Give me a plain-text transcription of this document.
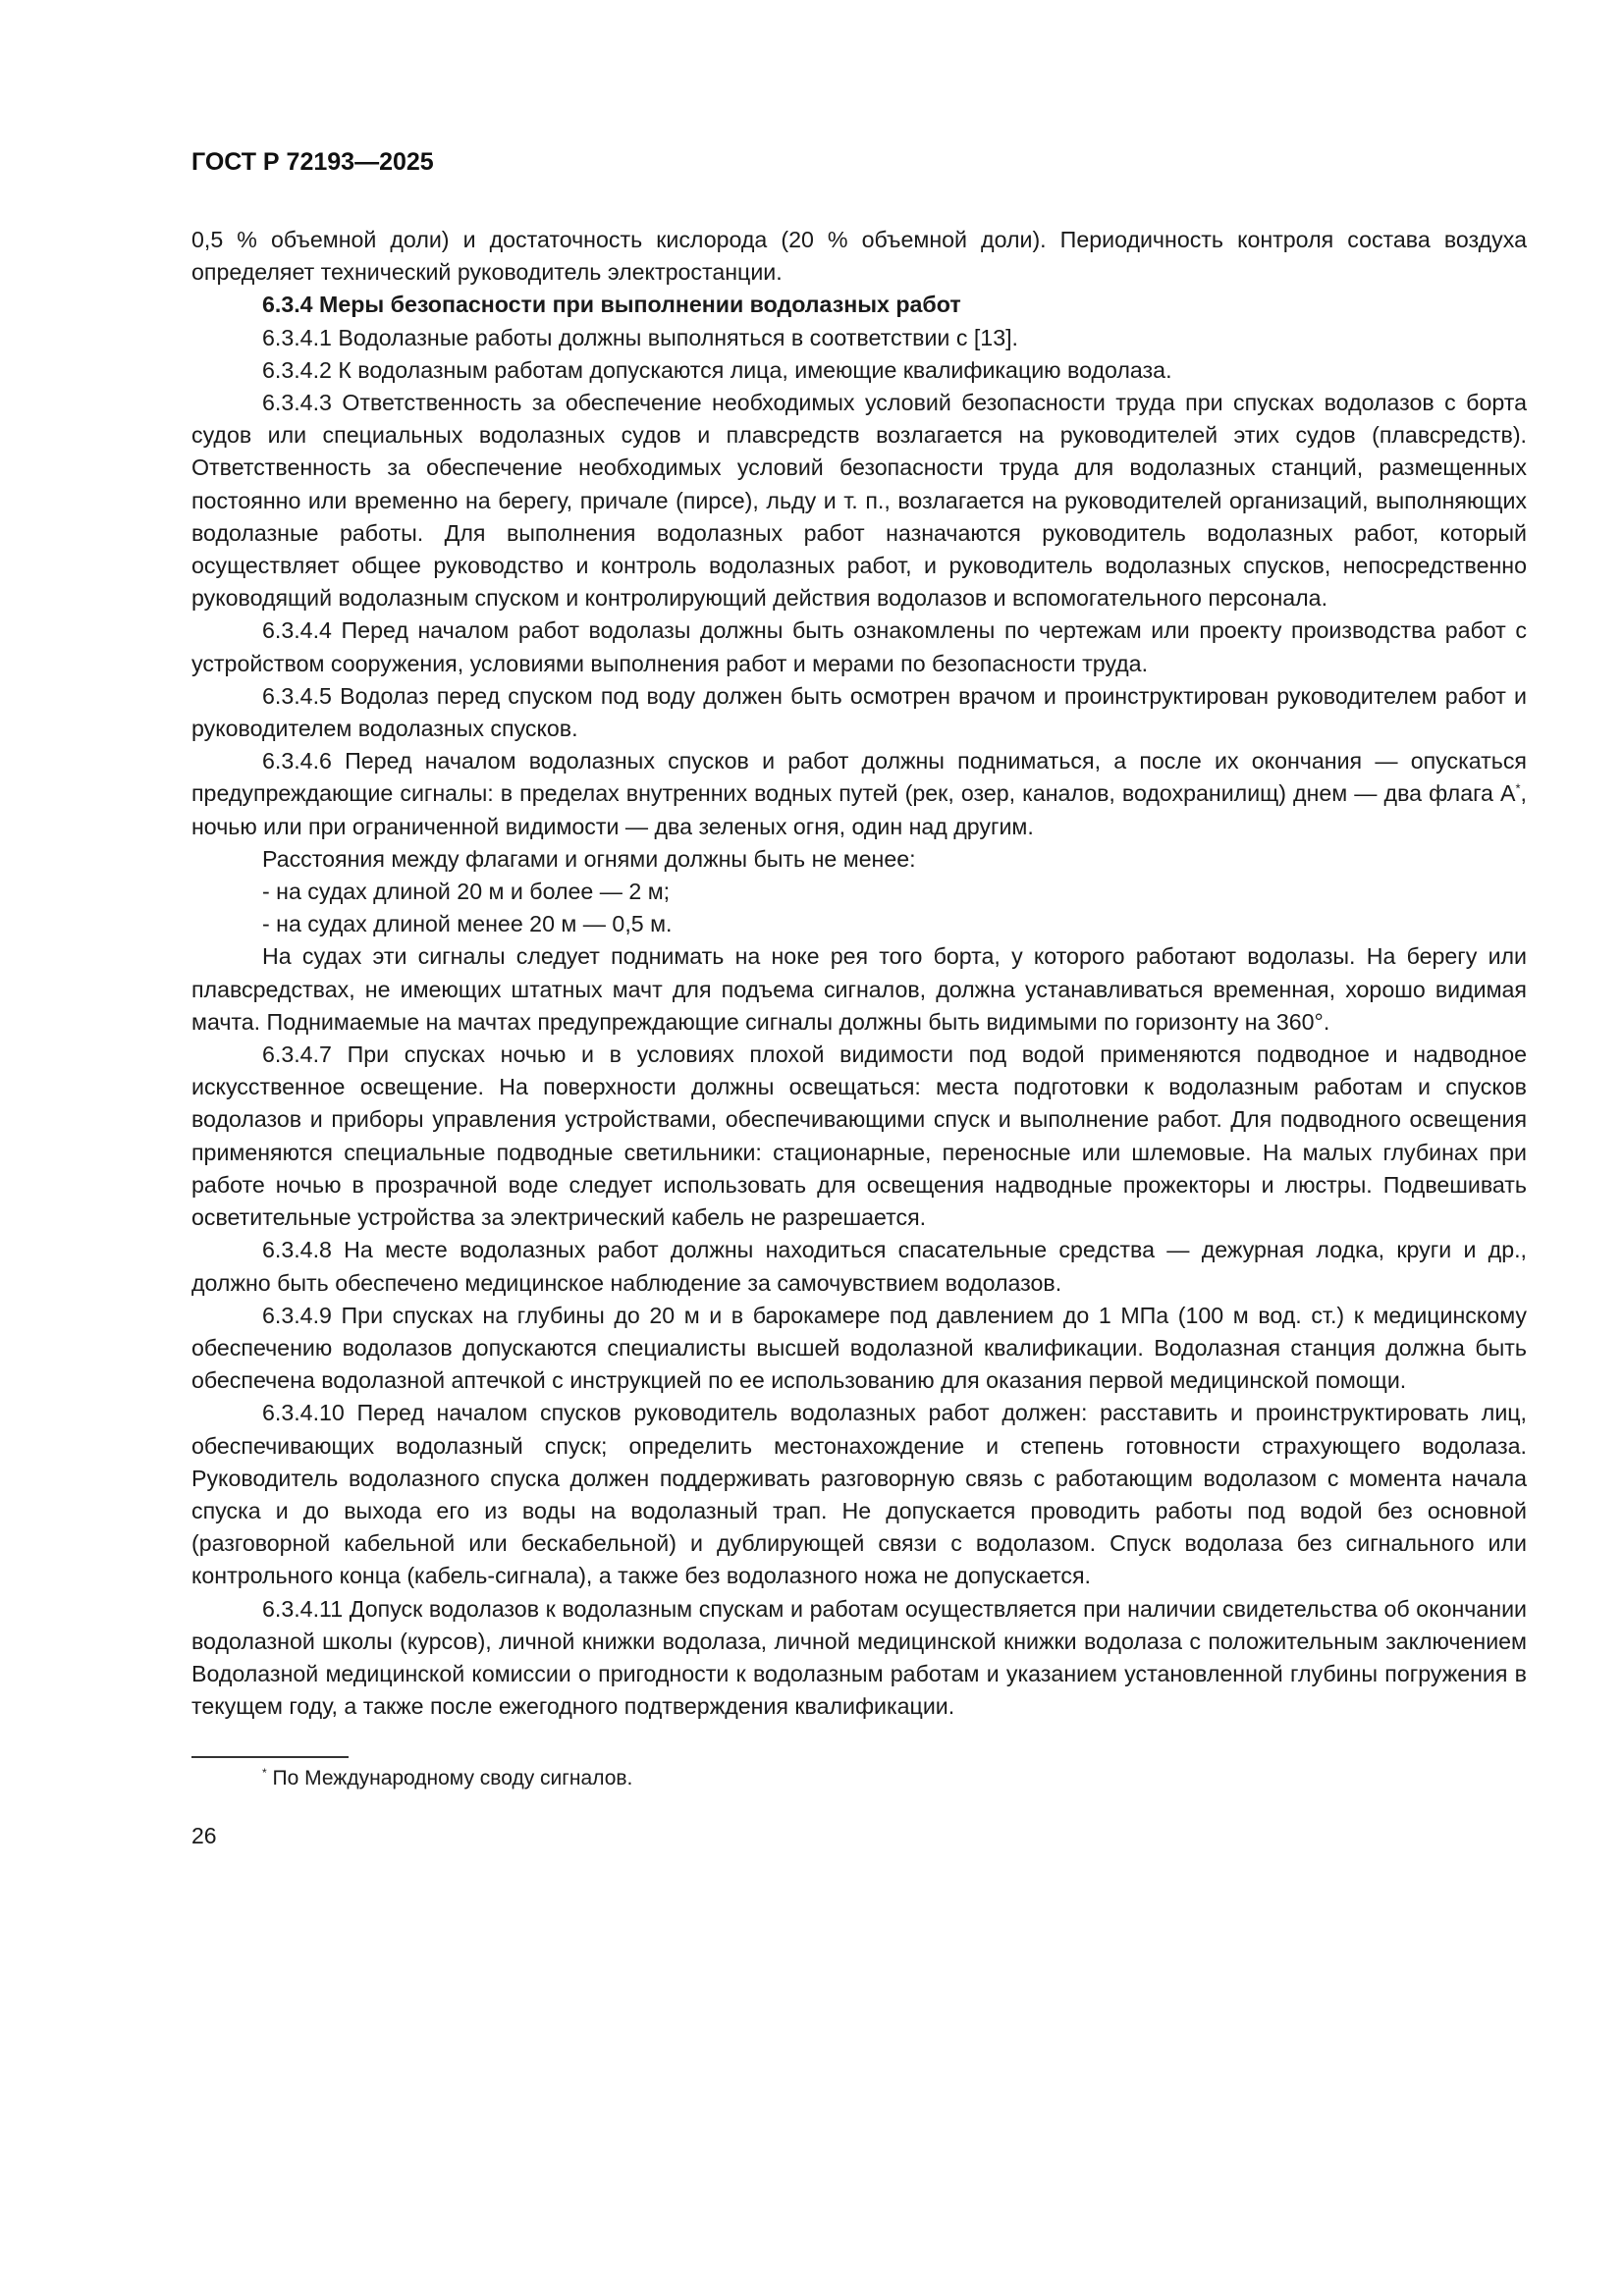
ГОСТ Р 72193—2025

0,5 % объемной доли) и достаточность кислорода (20 % объемной доли). Периодичность контроля состава воздуха определяет технический руководитель электростанции.

6.3.4 Меры безопасности при выполнении водолазных работ

6.3.4.1 Водолазные работы должны выполняться в соответствии с [13].

6.3.4.2 К водолазным работам допускаются лица, имеющие квалификацию водолаза.

6.3.4.3 Ответственность за обеспечение необходимых условий безопасности труда при спусках водолазов с борта судов или специальных водолазных судов и плавсредств возлагается на руководителей этих судов (плавсредств). Ответственность за обеспечение необходимых условий безопасности труда для водолазных станций, размещенных постоянно или временно на берегу, причале (пирсе), льду и т. п., возлагается на руководителей организаций, выполняющих водолазные работы. Для выполнения водолазных работ назначаются руководитель водолазных работ, который осуществляет общее руководство и контроль водолазных работ, и руководитель водолазных спусков, непосредственно руководящий водолазным спуском и контролирующий действия водолазов и вспомогательного персонала.

6.3.4.4 Перед началом работ водолазы должны быть ознакомлены по чертежам или проекту производства работ с устройством сооружения, условиями выполнения работ и мерами по безопасности труда.

6.3.4.5 Водолаз перед спуском под воду должен быть осмотрен врачом и проинструктирован руководителем работ и руководителем водолазных спусков.

6.3.4.6 Перед началом водолазных спусков и работ должны подниматься, а после их окончания — опускаться предупреждающие сигналы: в пределах внутренних водных путей (рек, озер, каналов, водохранилищ) днем — два флага А*, ночью или при ограниченной видимости — два зеленых огня, один над другим.

Расстояния между флагами и огнями должны быть не менее:

- на судах длиной 20 м и более — 2 м;

- на судах длиной менее 20 м — 0,5 м.

На судах эти сигналы следует поднимать на ноке рея того борта, у которого работают водолазы. На берегу или плавсредствах, не имеющих штатных мачт для подъема сигналов, должна устанавливаться временная, хорошо видимая мачта. Поднимаемые на мачтах предупреждающие сигналы должны быть видимыми по горизонту на 360°.

6.3.4.7 При спусках ночью и в условиях плохой видимости под водой применяются подводное и надводное искусственное освещение. На поверхности должны освещаться: места подготовки к водолазным работам и спусков водолазов и приборы управления устройствами, обеспечивающими спуск и выполнение работ. Для подводного освещения применяются специальные подводные светильники: стационарные, переносные или шлемовые. На малых глубинах при работе ночью в прозрачной воде следует использовать для освещения надводные прожекторы и люстры. Подвешивать осветительные устройства за электрический кабель не разрешается.

6.3.4.8 На месте водолазных работ должны находиться спасательные средства — дежурная лодка, круги и др., должно быть обеспечено медицинское наблюдение за самочувствием водолазов.

6.3.4.9 При спусках на глубины до 20 м и в барокамере под давлением до 1 МПа (100 м вод. ст.) к медицинскому обеспечению водолазов допускаются специалисты высшей водолазной квалификации. Водолазная станция должна быть обеспечена водолазной аптечкой с инструкцией по ее использованию для оказания первой медицинской помощи.

6.3.4.10 Перед началом спусков руководитель водолазных работ должен: расставить и проинструктировать лиц, обеспечивающих водолазный спуск; определить местонахождение и степень готовности страхующего водолаза. Руководитель водолазного спуска должен поддерживать разговорную связь с работающим водолазом с момента начала спуска и до выхода его из воды на водолазный трап. Не допускается проводить работы под водой без основной (разговорной кабельной или бескабельной) и дублирующей связи с водолазом. Спуск водолаза без сигнального или контрольного конца (кабель-сигнала), а также без водолазного ножа не допускается.

6.3.4.11 Допуск водолазов к водолазным спускам и работам осуществляется при наличии свидетельства об окончании водолазной школы (курсов), личной книжки водолаза, личной медицинской книжки водолаза с положительным заключением Водолазной медицинской комиссии о пригодности к водолазным работам и указанием установленной глубины погружения в текущем году, а также после ежегодного подтверждения квалификации.

* По Международному своду сигналов.
26
